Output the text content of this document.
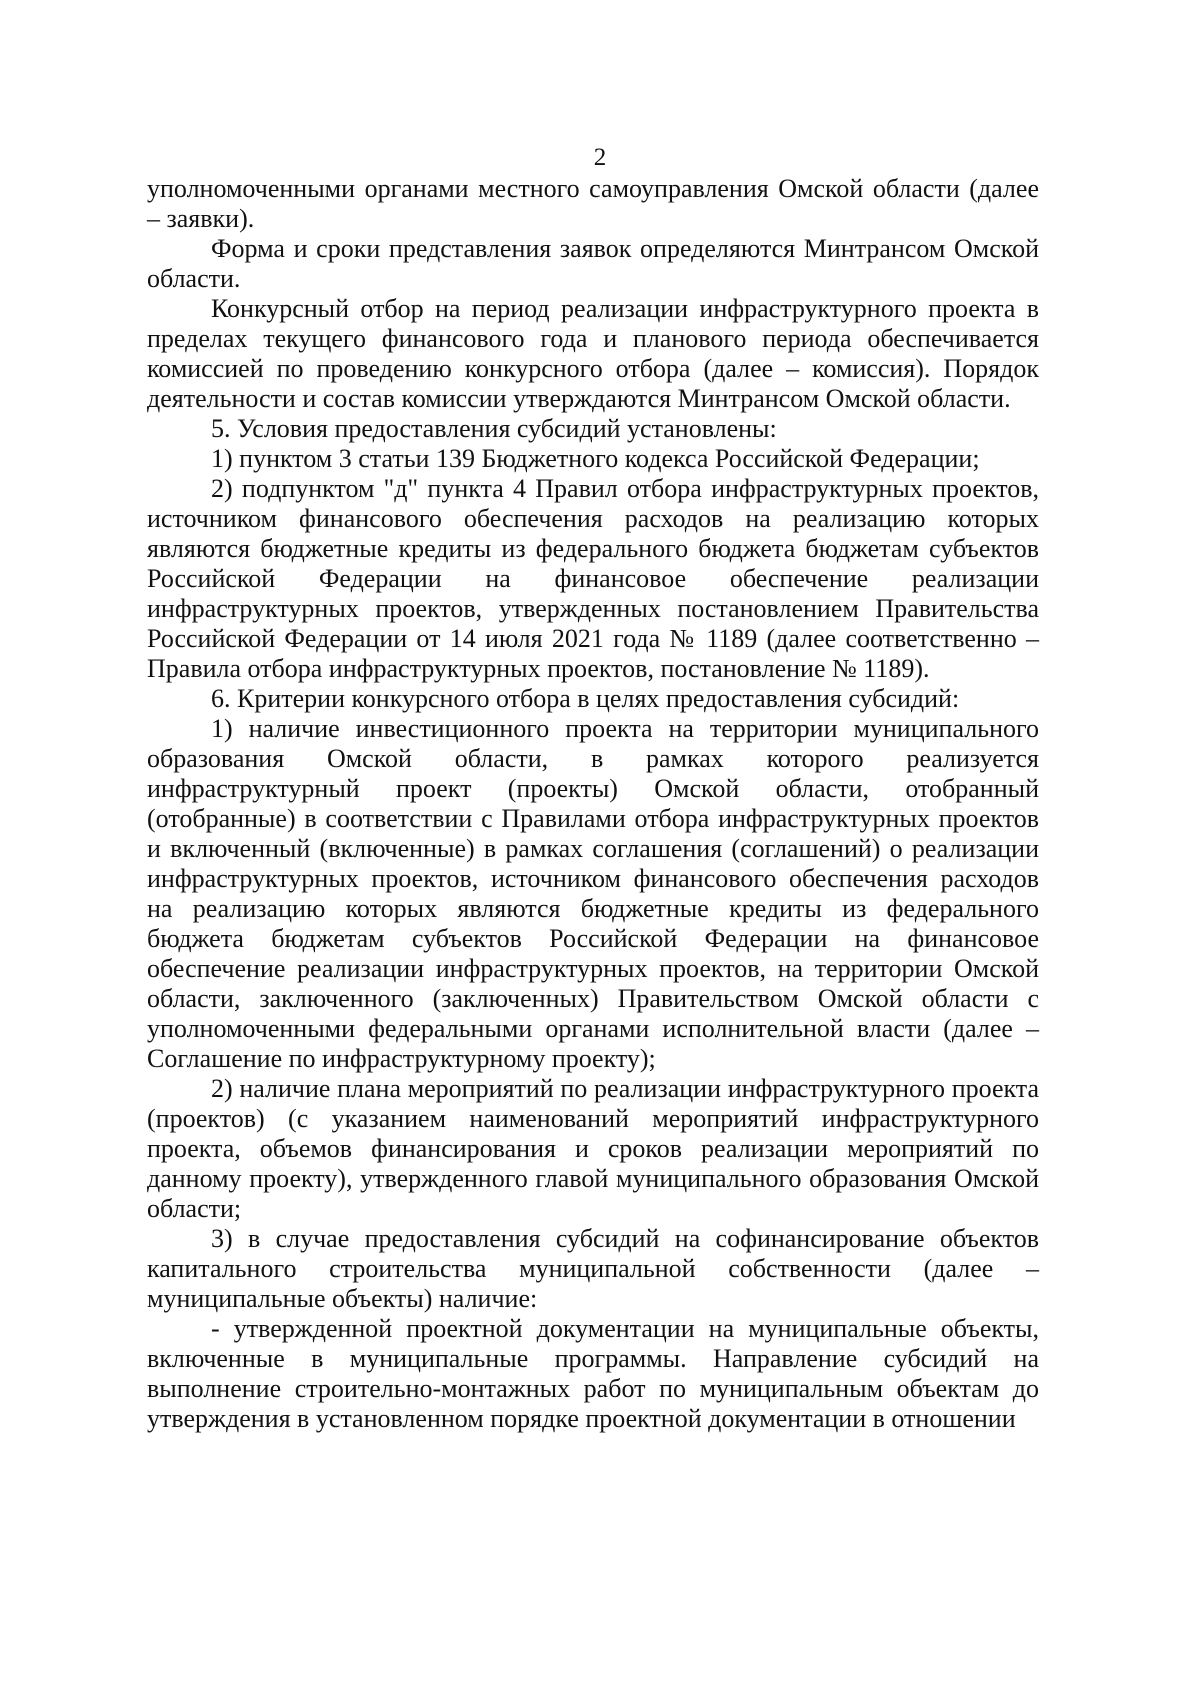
2

уполномоченными органами местного самоуправления Омской области (далее – заявки).

Форма и сроки представления заявок определяются Минтрансом Омской области.

Конкурсный отбор на период реализации инфраструктурного проекта в пределах текущего финансового года и планового периода обеспечивается комиссией по проведению конкурсного отбора (далее – комиссия). Порядок деятельности и состав комиссии утверждаются Минтрансом Омской области.

5. Условия предоставления субсидий установлены:

1) пунктом 3 статьи 139 Бюджетного кодекса Российской Федерации;

2) подпунктом "д" пункта 4 Правил отбора инфраструктурных проектов, источником финансового обеспечения расходов на реализацию которых являются бюджетные кредиты из федерального бюджета бюджетам субъектов Российской Федерации на финансовое обеспечение реализации инфраструктурных проектов, утвержденных постановлением Правительства Российской Федерации от 14 июля 2021 года № 1189 (далее соответственно – Правила отбора инфраструктурных проектов, постановление № 1189).

6. Критерии конкурсного отбора в целях предоставления субсидий:

1) наличие инвестиционного проекта на территории муниципального образования Омской области, в рамках которого реализуется инфраструктурный проект (проекты) Омской области, отобранный (отобранные) в соответствии с Правилами отбора инфраструктурных проектов и включенный (включенные) в рамках соглашения (соглашений) о реализации инфраструктурных проектов, источником финансового обеспечения расходов на реализацию которых являются бюджетные кредиты из федерального бюджета бюджетам субъектов Российской Федерации на финансовое обеспечение реализации инфраструктурных проектов, на территории Омской области, заключенного (заключенных) Правительством Омской области с уполномоченными федеральными органами исполнительной власти (далее – Соглашение по инфраструктурному проекту);

2) наличие плана мероприятий по реализации инфраструктурного проекта (проектов) (с указанием наименований мероприятий инфраструктурного проекта, объемов финансирования и сроков реализации мероприятий по данному проекту), утвержденного главой муниципального образования Омской области;

3) в случае предоставления субсидий на софинансирование объектов капитального строительства муниципальной собственности (далее – муниципальные объекты) наличие:

- утвержденной проектной документации на муниципальные объекты, включенные в муниципальные программы. Направление субсидий на выполнение строительно-монтажных работ по муниципальным объектам до утверждения в установленном порядке проектной документации в отношении
